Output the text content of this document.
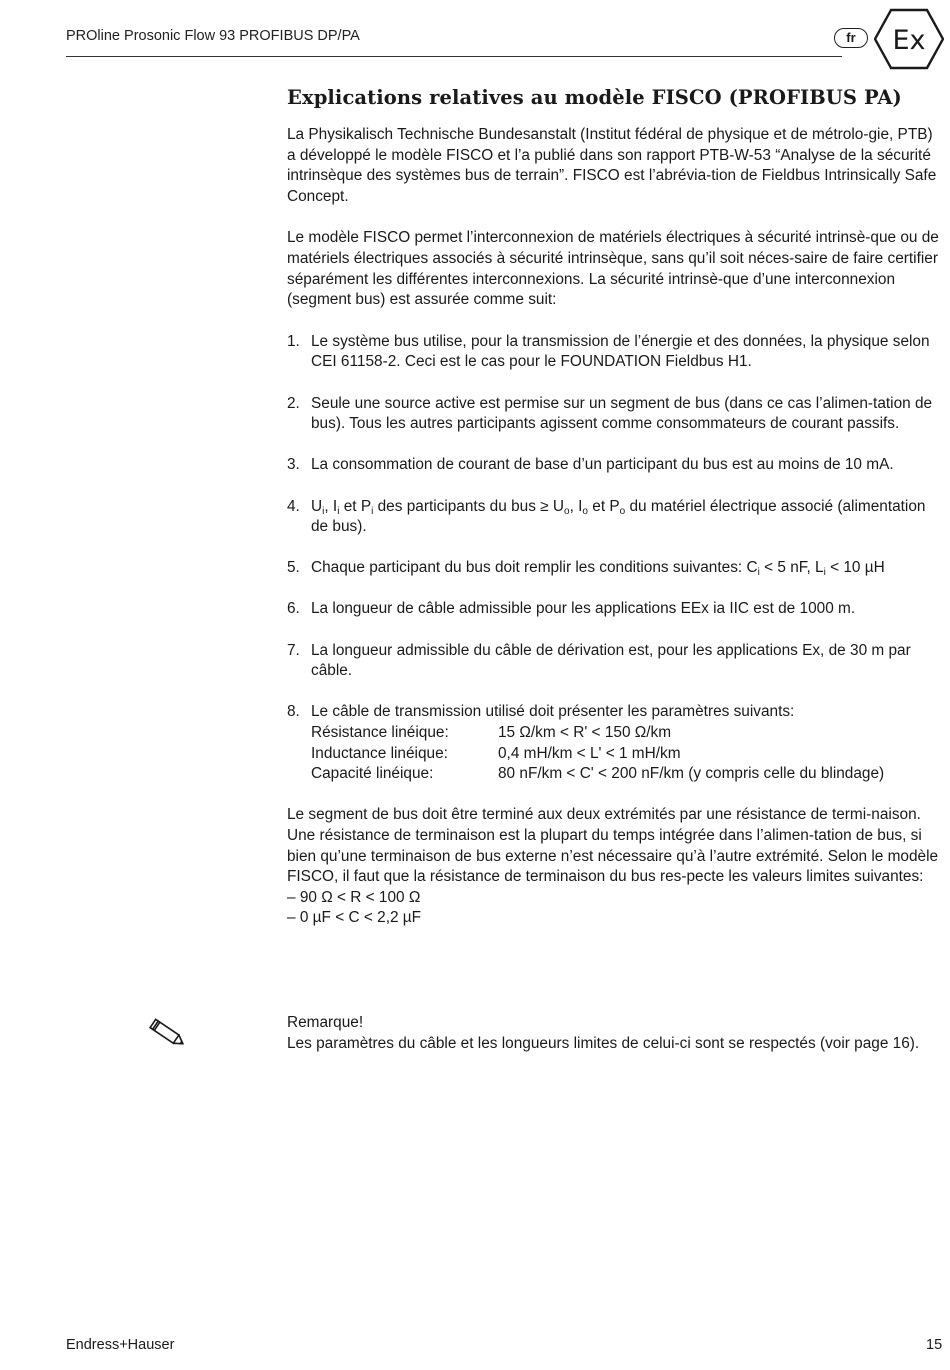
PROline Prosonic Flow 93 PROFIBUS DP/PA	fr	Ex
Explications relatives au modèle FISCO (PROFIBUS PA)

La Physikalisch Technische Bundesanstalt (Institut fédéral de physique et de métrolo-gie, PTB) a développé le modèle FISCO et l’a publié dans son rapport PTB-W-53 “Analyse de la sécurité intrinsèque des systèmes bus de terrain”. FISCO est l’abrévia-tion de Fieldbus Intrinsically Safe Concept.

Le modèle FISCO permet l’interconnexion de matériels électriques à sécurité intrinsè-que ou de matériels électriques associés à sécurité intrinsèque, sans qu’il soit néces-saire de faire certifier séparément les différentes interconnexions. La sécurité intrinsè-que d’une interconnexion (segment bus) est assurée comme suit:

1. Le système bus utilise, pour la transmission de l’énergie et des données, la physique selon CEI 61158-2. Ceci est le cas pour le FOUNDATION Fieldbus H1.
2. Seule une source active est permise sur un segment de bus (dans ce cas l’alimen-tation de bus). Tous les autres participants agissent comme consommateurs de courant passifs.
3. La consommation de courant de base d’un participant du bus est au moins de 10 mA.
4. $U_i$, $I_i$ et $P_i$ des participants du bus ≥ $U_o$, $I_o$ et $P_o$ du matériel électrique associé (alimentation de bus).
5. Chaque participant du bus doit remplir les conditions suivantes: $C_i < 5$ nF, $L_i < 10$ µH
6. La longueur de câble admissible pour les applications EEx ia IIC est de 1000 m.
7. La longueur admissible du câble de dérivation est, pour les applications Ex, de 30 m par câble.
8. Le câble de transmission utilisé doit présenter les paramètres suivants:
Résistance linéique:	15 Ω/km < R' < 150 Ω/km
Inductance linéique:	0,4 mH/km < L' < 1 mH/km
Capacité linéique:	80 nF/km < C' < 200 nF/km (y compris celle du blindage)

Le segment de bus doit être terminé aux deux extrémités par une résistance de termi-naison. Une résistance de terminaison est la plupart du temps intégrée dans l’alimen-tation de bus, si bien qu’une terminaison de bus externe n’est nécessaire qu’à l’autre extrémité. Selon le modèle FISCO, il faut que la résistance de terminaison du bus res-pecte les valeurs limites suivantes:

– 90 Ω < R < 100 Ω

– 0 µF < C < 2,2 µF

Remarque!
Les paramètres du câble et les longueurs limites de celui-ci sont se respectés (voir page 16).
Endress+Hauser	15
